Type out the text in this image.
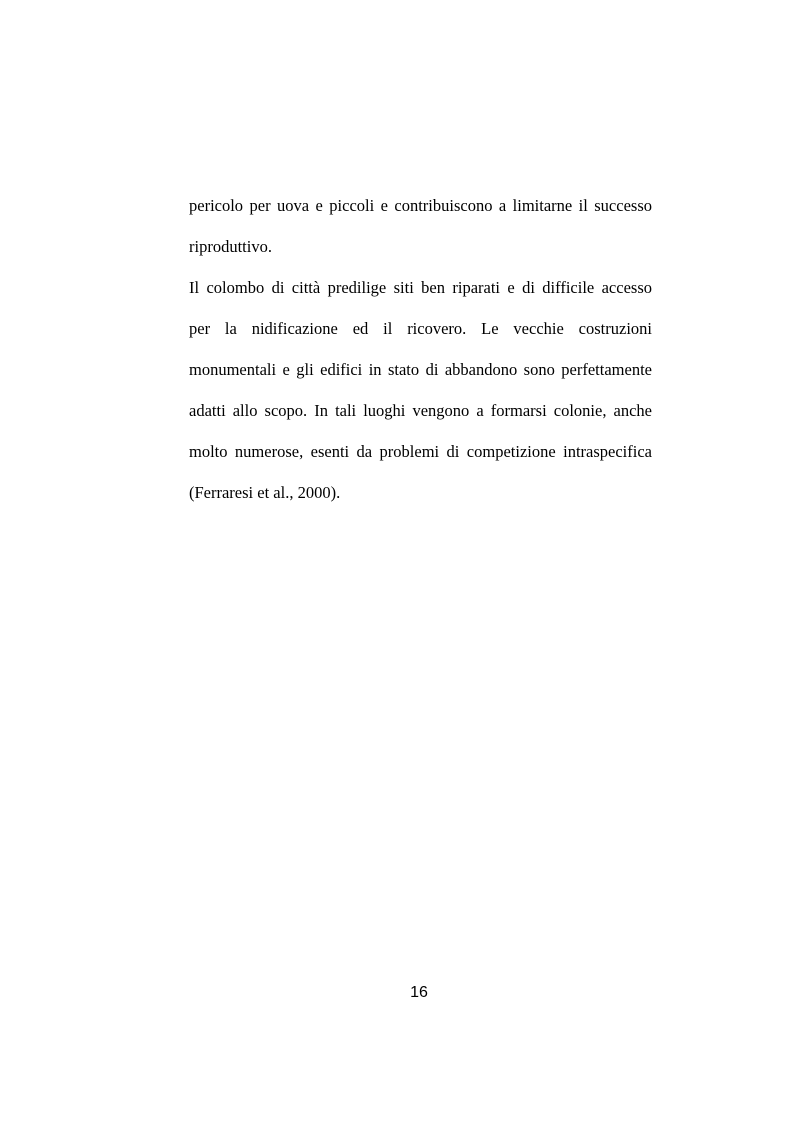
pericolo per uova e piccoli e contribuiscono a limitarne il successo
riproduttivo.
Il colombo di città predilige siti ben riparati e di difficile accesso
per la nidificazione ed il ricovero. Le vecchie costruzioni
monumentali e gli edifici in stato di abbandono sono perfettamente
adatti allo scopo. In tali luoghi vengono a formarsi colonie, anche
molto numerose, esenti da problemi di competizione intraspecifica
(Ferraresi et al., 2000).
16
